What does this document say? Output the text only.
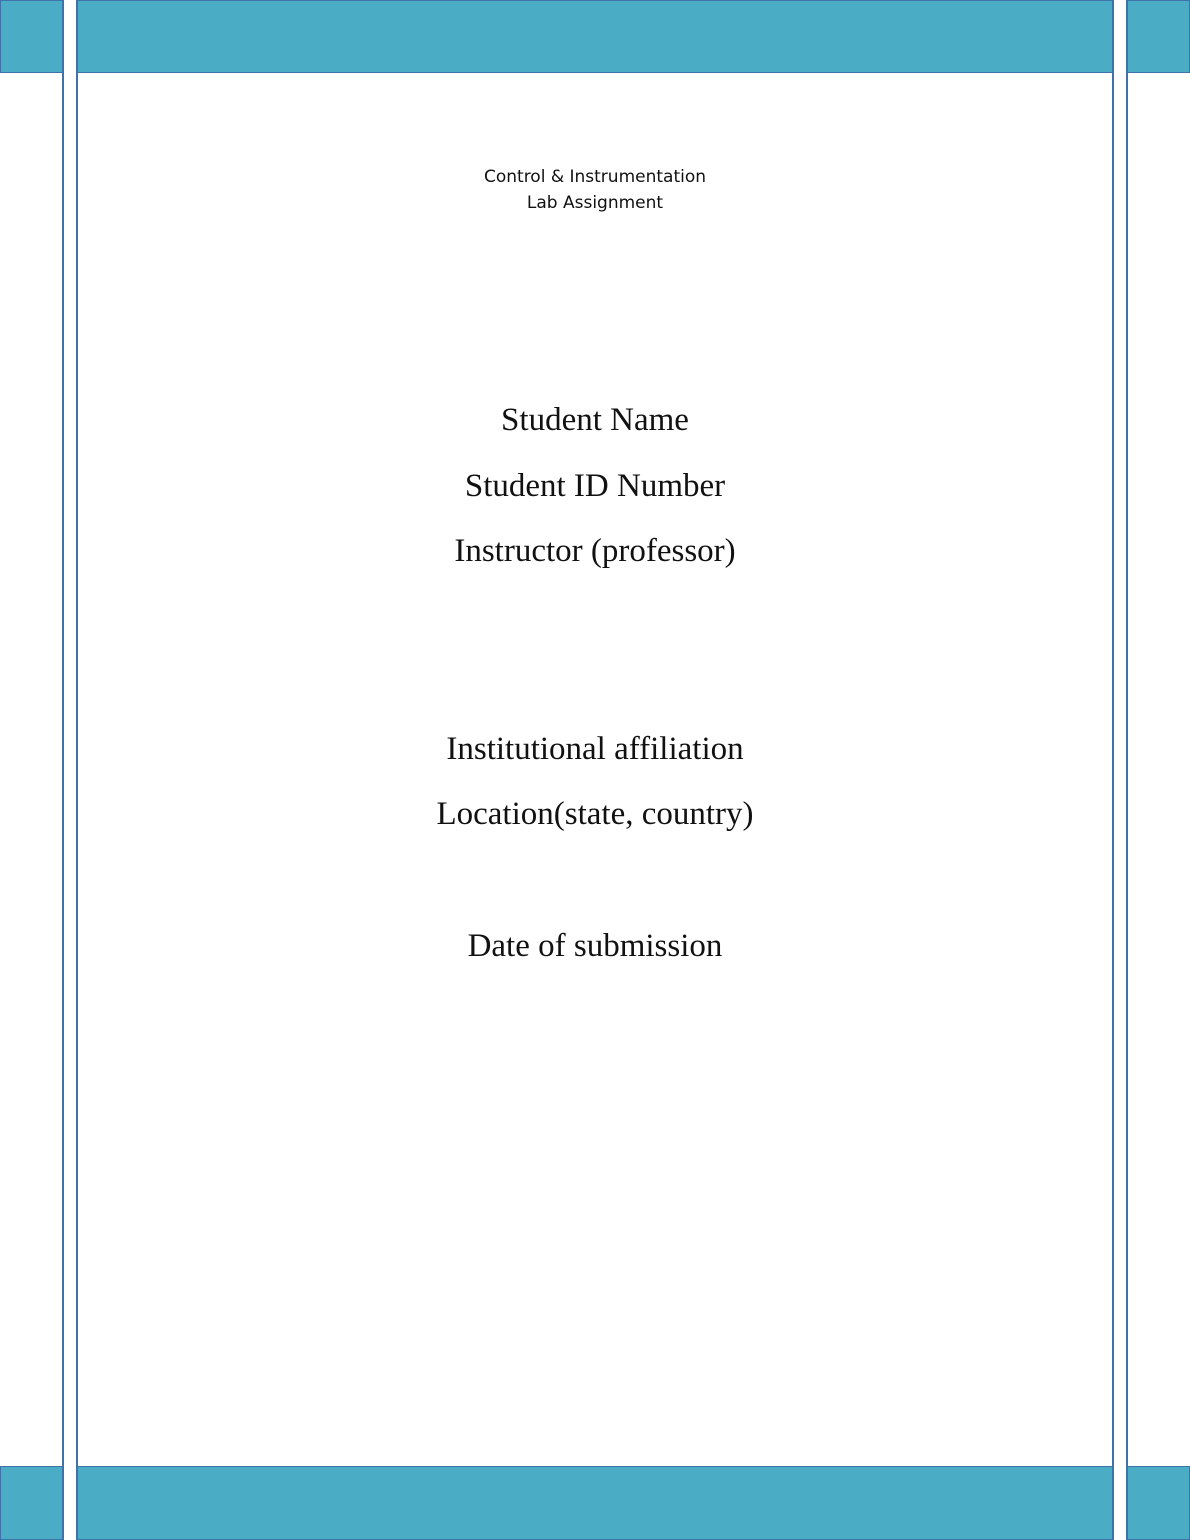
Control & Instrumentation
Lab Assignment
Student Name
Student ID Number
Instructor (professor)
Institutional affiliation
Location(state, country)
Date of submission
